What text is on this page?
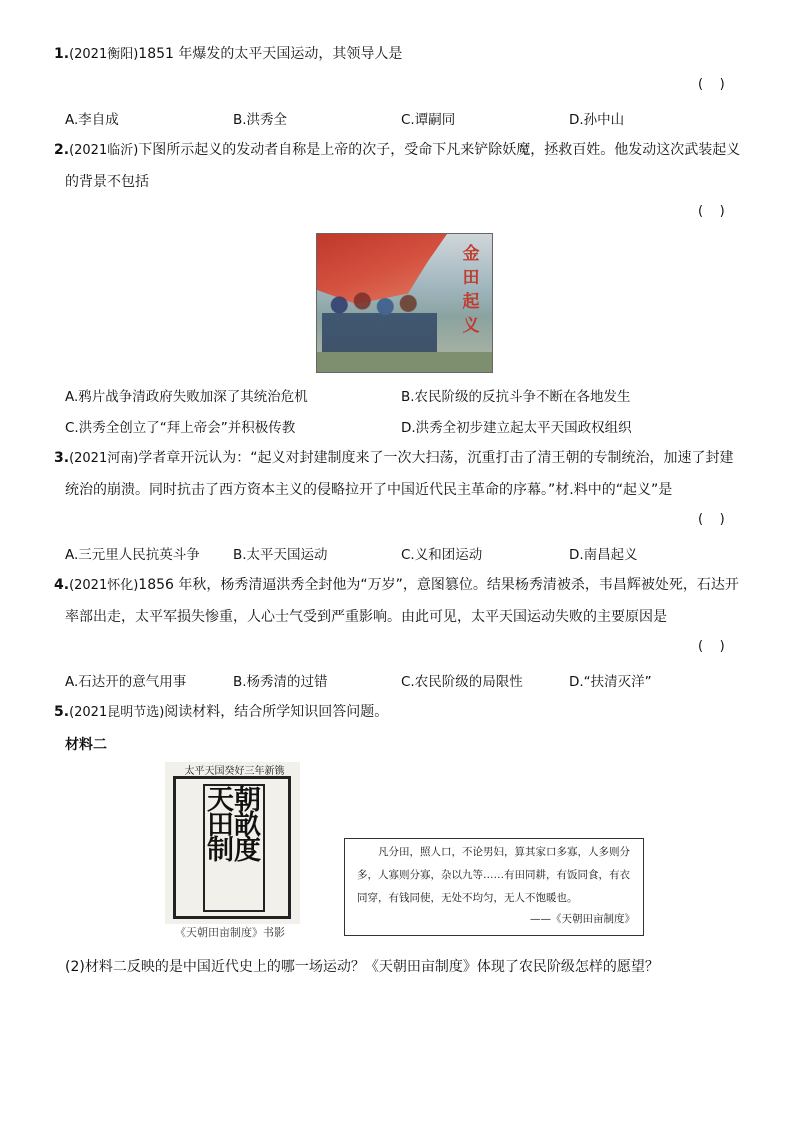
1.(2021衡阳)1851 年爆发的太平天国运动，其领导人是
(    )
A.李自成	B.洪秀全	C.谭嗣同	D.孙中山
2.(2021临沂)下图所示起义的发动者自称是上帝的次子，受命下凡来铲除妖魔，拯救百姓。他发动这次武装起义
的背景不包括
(    )
金田起义
A.鸦片战争清政府失败加深了其统治危机	B.农民阶级的反抗斗争不断在各地发生
C.洪秀全创立了“拜上帝会”并积极传教	D.洪秀全初步建立起太平天国政权组织
3.(2021河南)学者章开沅认为：“起义对封建制度来了一次大扫荡，沉重打击了清王朝的专制统治，加速了封建
统治的崩溃。同时抗击了西方资本主义的侵略拉开了中国近代民主革命的序幕。”材.料中的“起义”是
(    )
A.三元里人民抗英斗争 B.太平天国运动	C.义和团运动	D.南昌起义
4.(2021怀化)1856 年秋，杨秀清逼洪秀全封他为“万岁”，意图篡位。结果杨秀清被杀，韦昌辉被处死，石达开
率部出走，太平军损失惨重，人心士气受到严重影响。由此可见，太平天国运动失败的主要原因是
(    )
A.石达开的意气用事	B.杨秀清的过错	C.农民阶级的局限性	D.“扶清灭洋”
5.(2021昆明节选)阅读材料，结合所学知识回答问题。
材料二
太平天国癸好三年新镌
天朝田畝制度
《天朝田亩制度》书影
凡分田，照人口，不论男妇，算其家口多寡，人多则分多，人寡则分寡，杂以九等……有田同耕，有饭同食，有衣同穿，有钱同使，无处不均匀，无人不饱暖也。
——《天朝田亩制度》
(2)材料二反映的是中国近代史上的哪一场运动？《天朝田亩制度》体现了农民阶级怎样的愿望？
